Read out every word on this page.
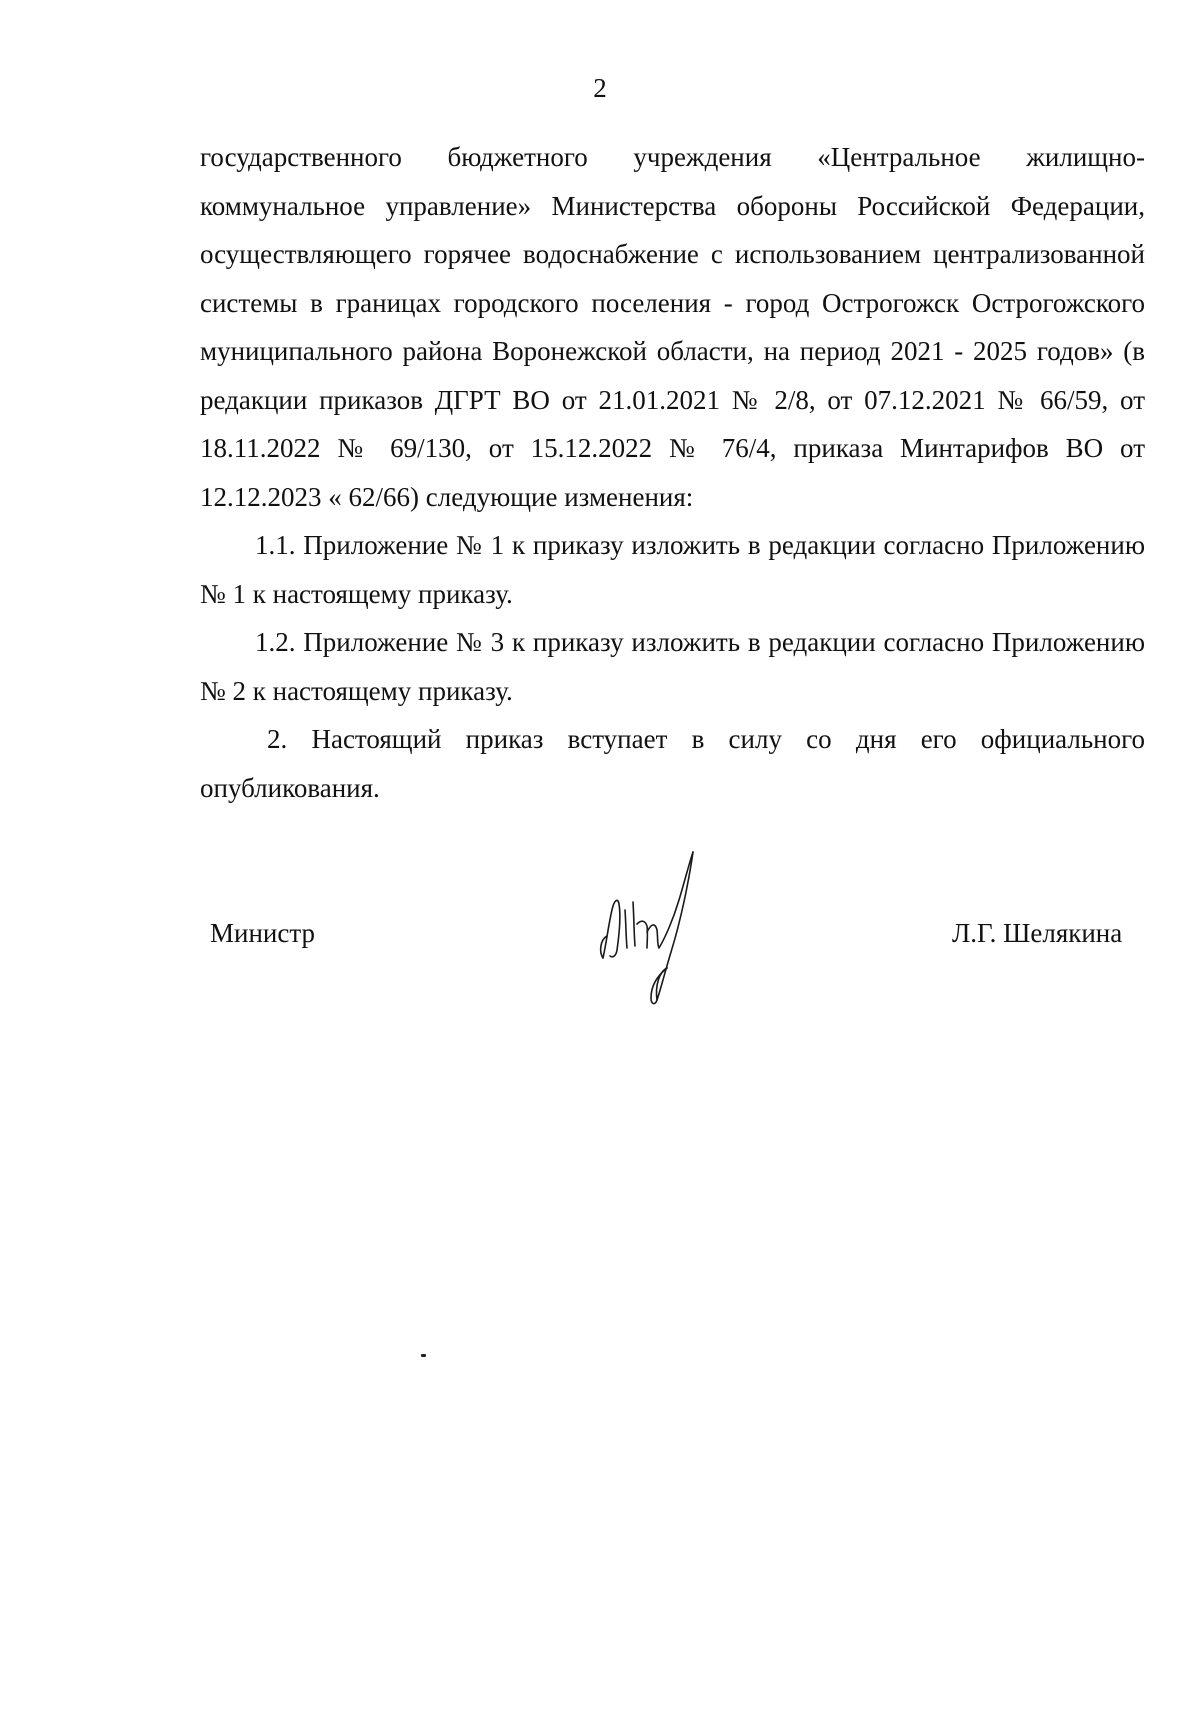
2

государственного бюджетного учреждения «Центральное жилищно-коммунальное управление» Министерства обороны Российской Федерации, осуществляющего горячее водоснабжение с использованием централизованной системы в границах городского поселения - город Острогожск Острогожского муниципального района Воронежской области, на период 2021 - 2025 годов» (в редакции приказов ДГРТ ВО от 21.01.2021 № 2/8, от 07.12.2021 № 66/59, от 18.11.2022 № 69/130, от 15.12.2022 № 76/4, приказа Минтарифов ВО от 12.12.2023 « 62/66) следующие изменения:

1.1. Приложение № 1 к приказу изложить в редакции согласно Приложению № 1 к настоящему приказу.

1.2. Приложение № 3 к приказу изложить в редакции согласно Приложению № 2 к настоящему приказу.

2. Настоящий приказ вступает в силу со дня его официального опубликования.

Министр	Л.Г. Шелякина
